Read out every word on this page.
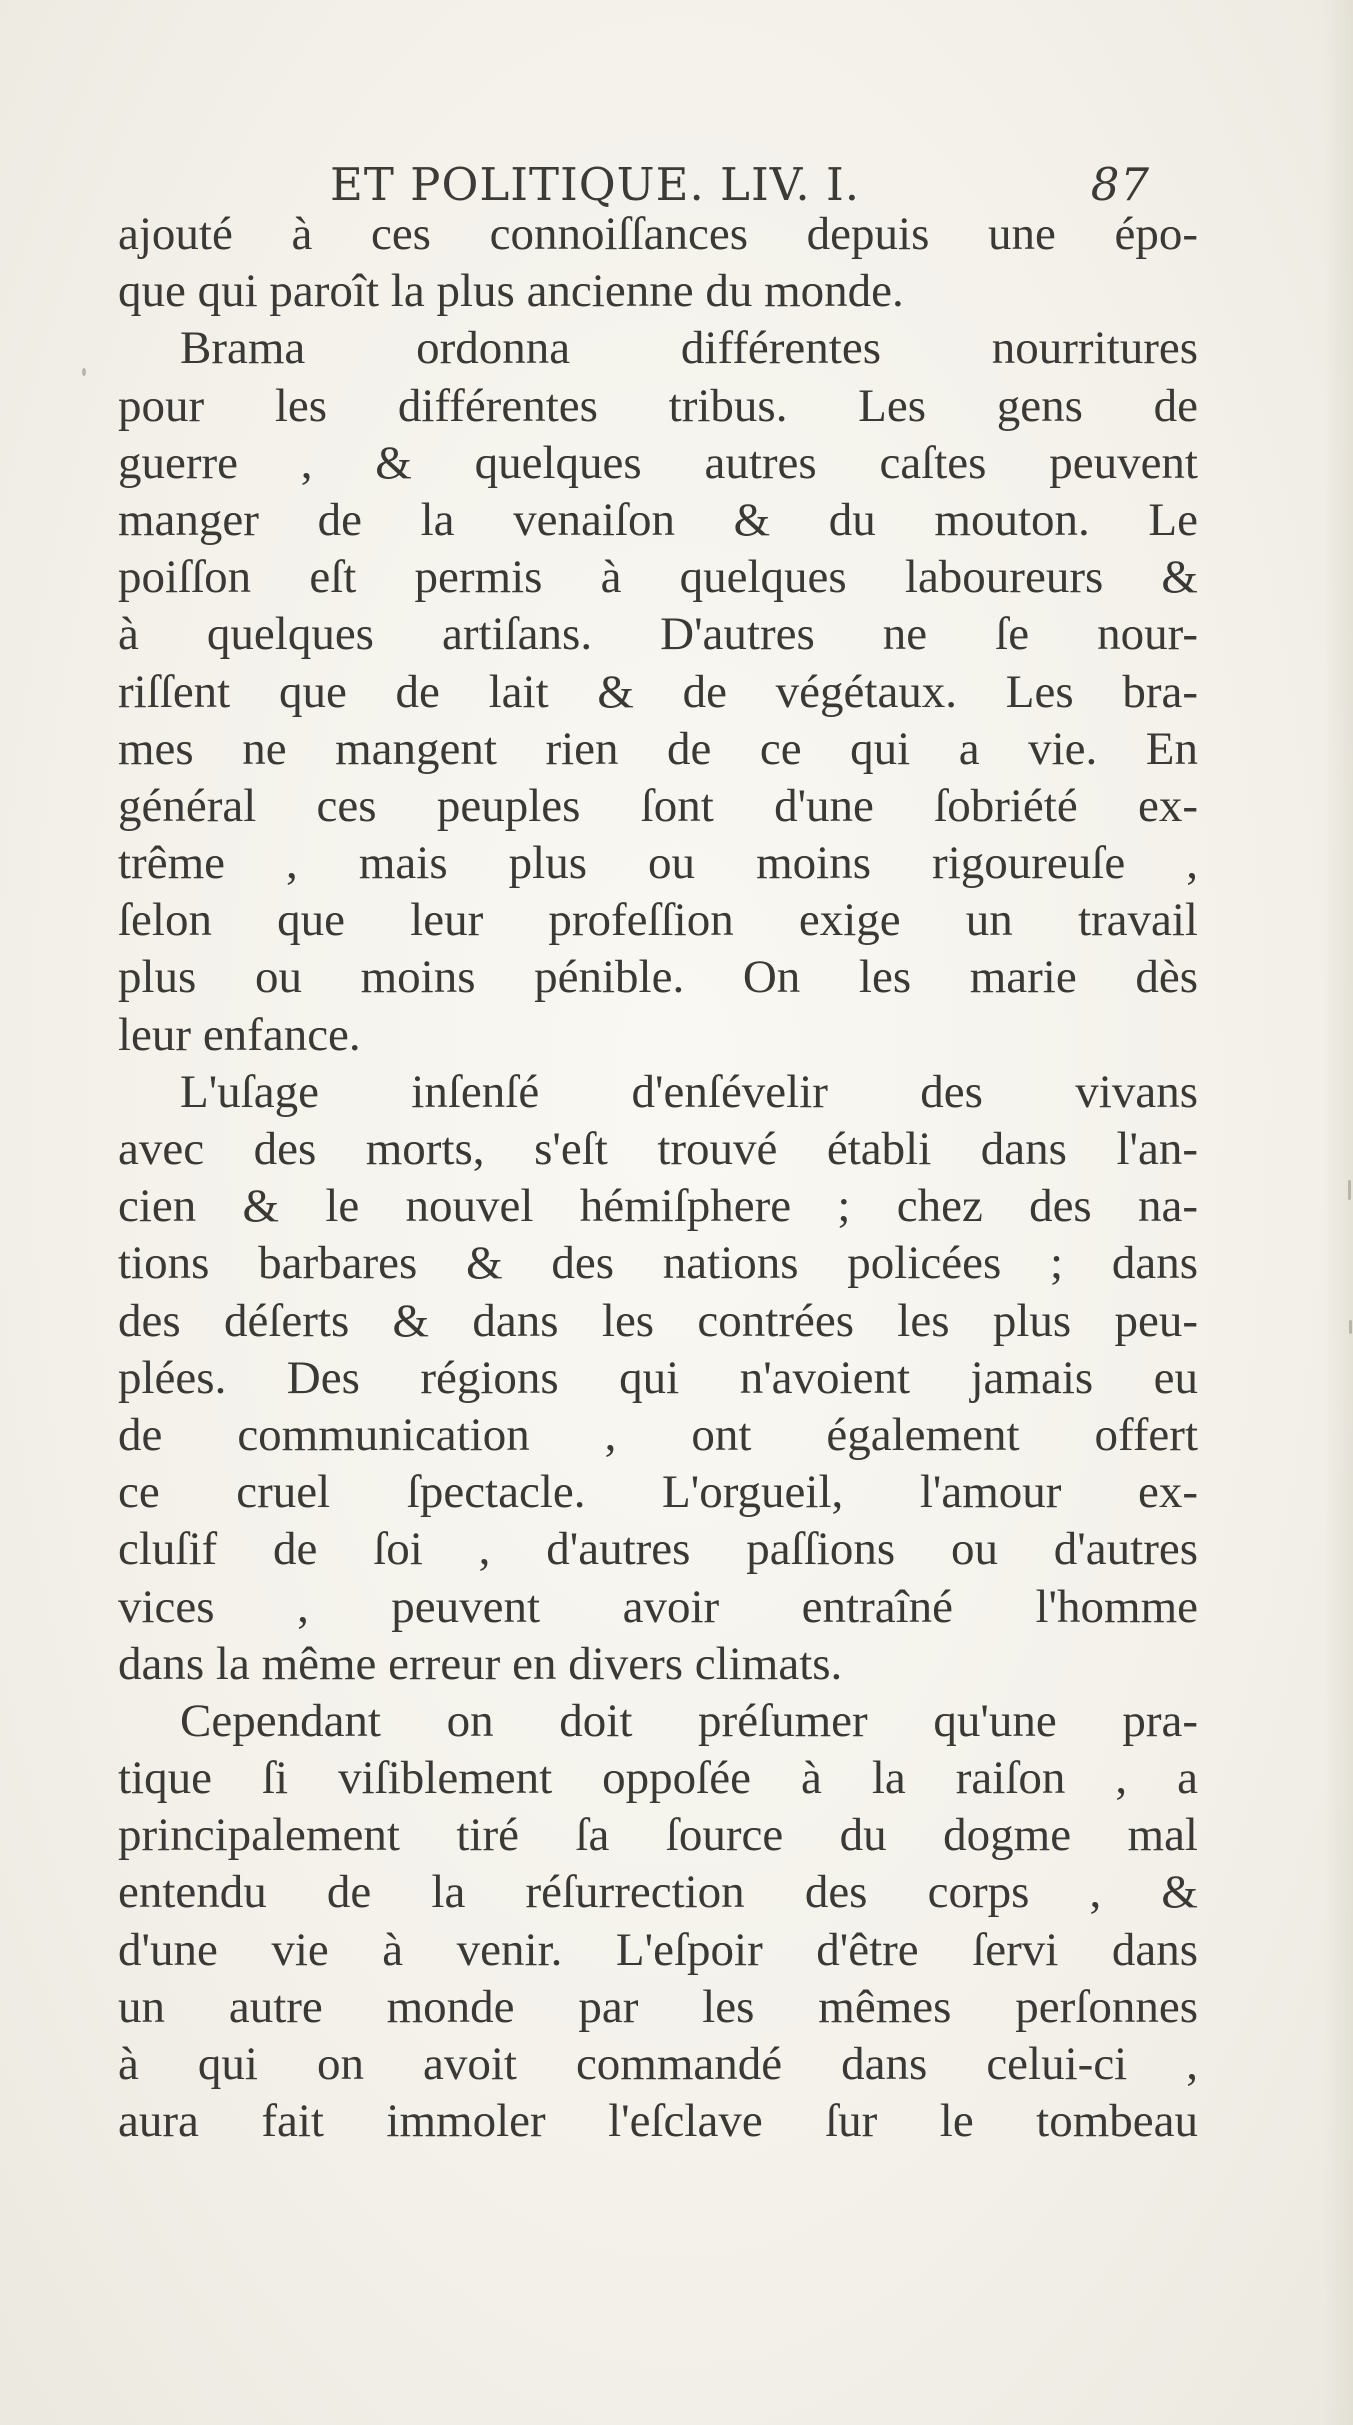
ET POLITIQUE. LIV. I.	87
ajouté à ces connoiſſances depuis une épo-
que qui paroît la plus ancienne du monde.
Brama ordonna différentes nourritures
pour les différentes tribus. Les gens de
guerre , & quelques autres caſtes peuvent
manger de la venaiſon & du mouton. Le
poiſſon eſt permis à quelques laboureurs &
à quelques artiſans. D'autres ne ſe nour-
riſſent que de lait & de végétaux. Les bra-
mes ne mangent rien de ce qui a vie. En
général ces peuples ſont d'une ſobriété ex-
trême , mais plus ou moins rigoureuſe ,
ſelon que leur profeſſion exige un travail
plus ou moins pénible. On les marie dès
leur enfance.
L'uſage inſenſé d'enſévelir des vivans
avec des morts, s'eſt trouvé établi dans l'an-
cien & le nouvel hémiſphere ; chez des na-
tions barbares & des nations policées ; dans
des déſerts & dans les contrées les plus peu-
plées. Des régions qui n'avoient jamais eu
de communication , ont également offert
ce cruel ſpectacle. L'orgueil, l'amour ex-
cluſif de ſoi , d'autres paſſions ou d'autres
vices , peuvent avoir entraîné l'homme
dans la même erreur en divers climats.
Cependant on doit préſumer qu'une pra-
tique ſi viſiblement oppoſée à la raiſon , a
principalement tiré ſa ſource du dogme mal
entendu de la réſurrection des corps , &
d'une vie à venir. L'eſpoir d'être ſervi dans
un autre monde par les mêmes perſonnes
à qui on avoit commandé dans celui-ci ,
aura fait immoler l'eſclave ſur le tombeau
